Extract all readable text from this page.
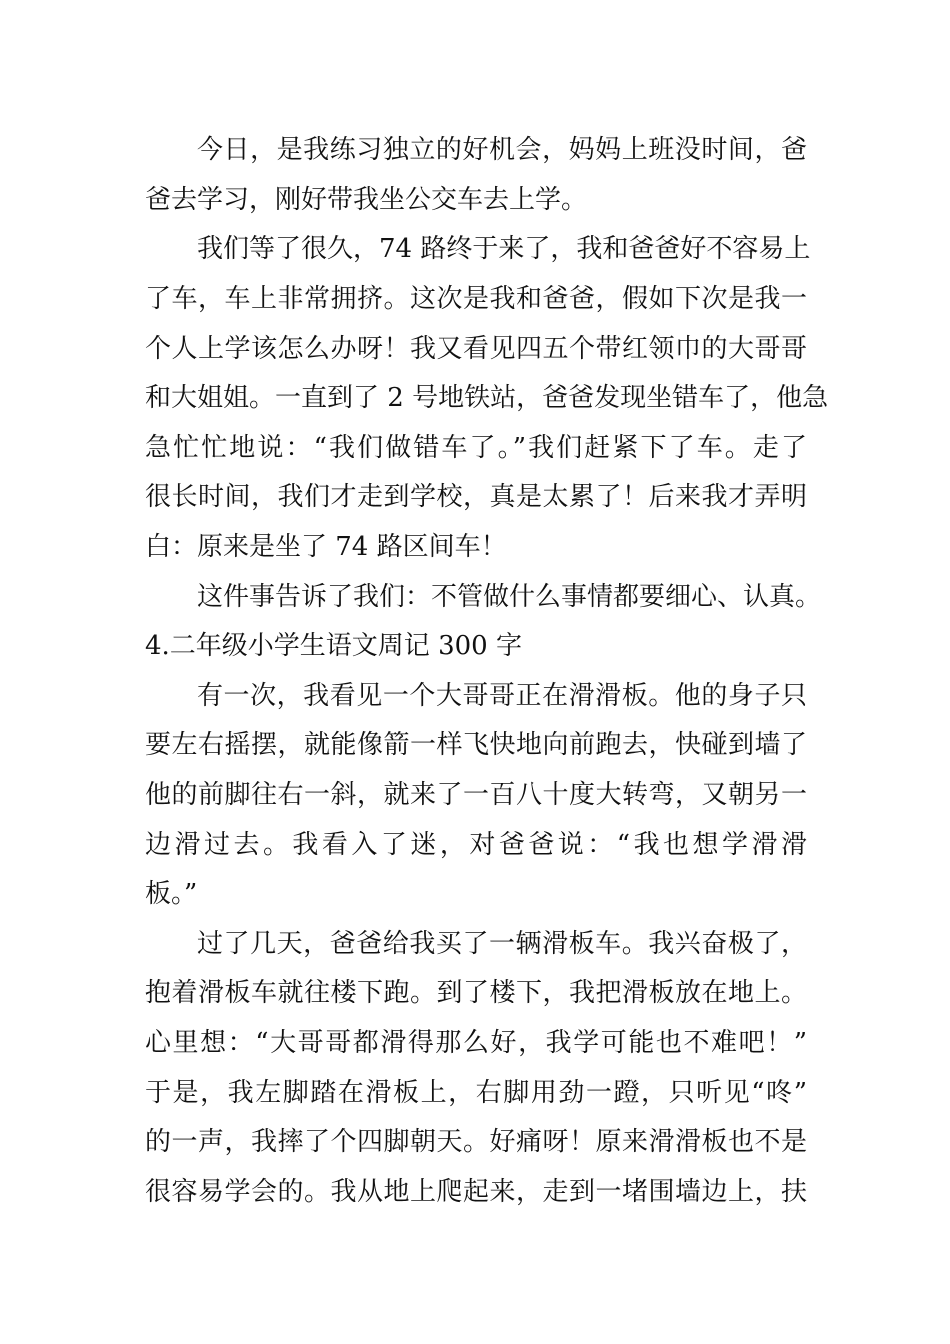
今日，是我练习独立的好机会，妈妈上班没时间，爸
爸去学习，刚好带我坐公交车去上学。
我们等了很久，74 路终于来了，我和爸爸好不容易上
了车，车上非常拥挤。这次是我和爸爸，假如下次是我一
个人上学该怎么办呀！我又看见四五个带红领巾的大哥哥
和大姐姐。一直到了 2 号地铁站，爸爸发现坐错车了，他急
急忙忙地说：“我们做错车了。”我们赶紧下了车。走了
很长时间，我们才走到学校，真是太累了！后来我才弄明
白：原来是坐了 74 路区间车！
这件事告诉了我们：不管做什么事情都要细心、认真。
4.二年级小学生语文周记 300 字
有一次，我看见一个大哥哥正在滑滑板。他的身子只
要左右摇摆，就能像箭一样飞快地向前跑去，快碰到墙了
他的前脚往右一斜，就来了一百八十度大转弯，又朝另一
边滑过去。我看入了迷，对爸爸说：“我也想学滑滑
板。”
过了几天，爸爸给我买了一辆滑板车。我兴奋极了，
抱着滑板车就往楼下跑。到了楼下，我把滑板放在地上。
心里想：“大哥哥都滑得那么好，我学可能也不难吧！”
于是，我左脚踏在滑板上，右脚用劲一蹬，只听见“咚”
的一声，我摔了个四脚朝天。好痛呀！原来滑滑板也不是
很容易学会的。我从地上爬起来，走到一堵围墙边上，扶
